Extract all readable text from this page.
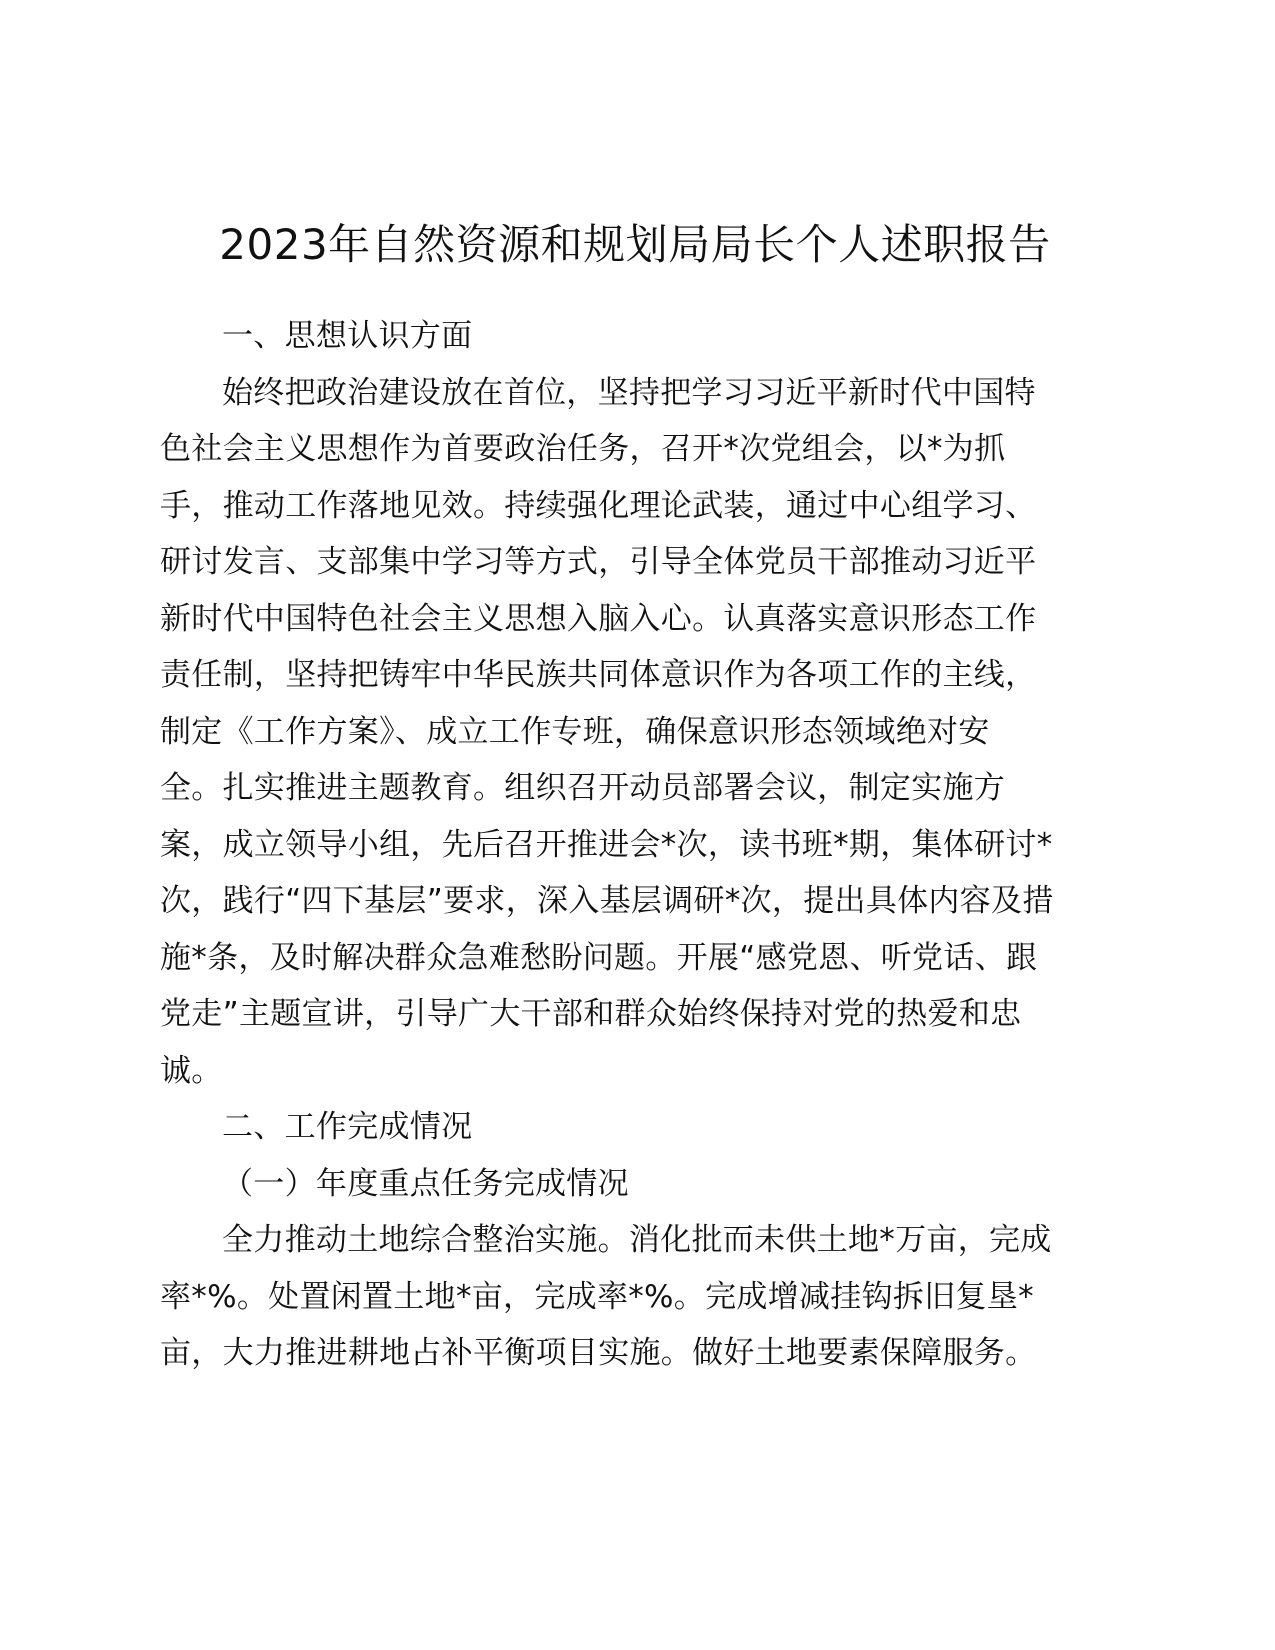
2023年自然资源和规划局局长个人述职报告
一、思想认识方面

始终把政治建设放在首位，坚持把学习习近平新时代中国特
色社会主义思想作为首要政治任务，召开*次党组会，以*为抓
手，推动工作落地见效。持续强化理论武装，通过中心组学习、
研讨发言、支部集中学习等方式，引导全体党员干部推动习近平
新时代中国特色社会主义思想入脑入心。认真落实意识形态工作
责任制，坚持把铸牢中华民族共同体意识作为各项工作的主线，
制定《工作方案》、成立工作专班，确保意识形态领域绝对安
全。扎实推进主题教育。组织召开动员部署会议，制定实施方
案，成立领导小组，先后召开推进会*次，读书班*期，集体研讨*
次，践行“四下基层”要求，深入基层调研*次，提出具体内容及措
施*条，及时解决群众急难愁盼问题。开展“感党恩、听党话、跟
党走”主题宣讲，引导广大干部和群众始终保持对党的热爱和忠
诚。

二、工作完成情况
（一）年度重点任务完成情况

全力推动土地综合整治实施。消化批而未供土地*万亩，完成
率*%。处置闲置土地*亩，完成率*%。完成增减挂钩拆旧复垦*
亩，大力推进耕地占补平衡项目实施。做好土地要素保障服务。
